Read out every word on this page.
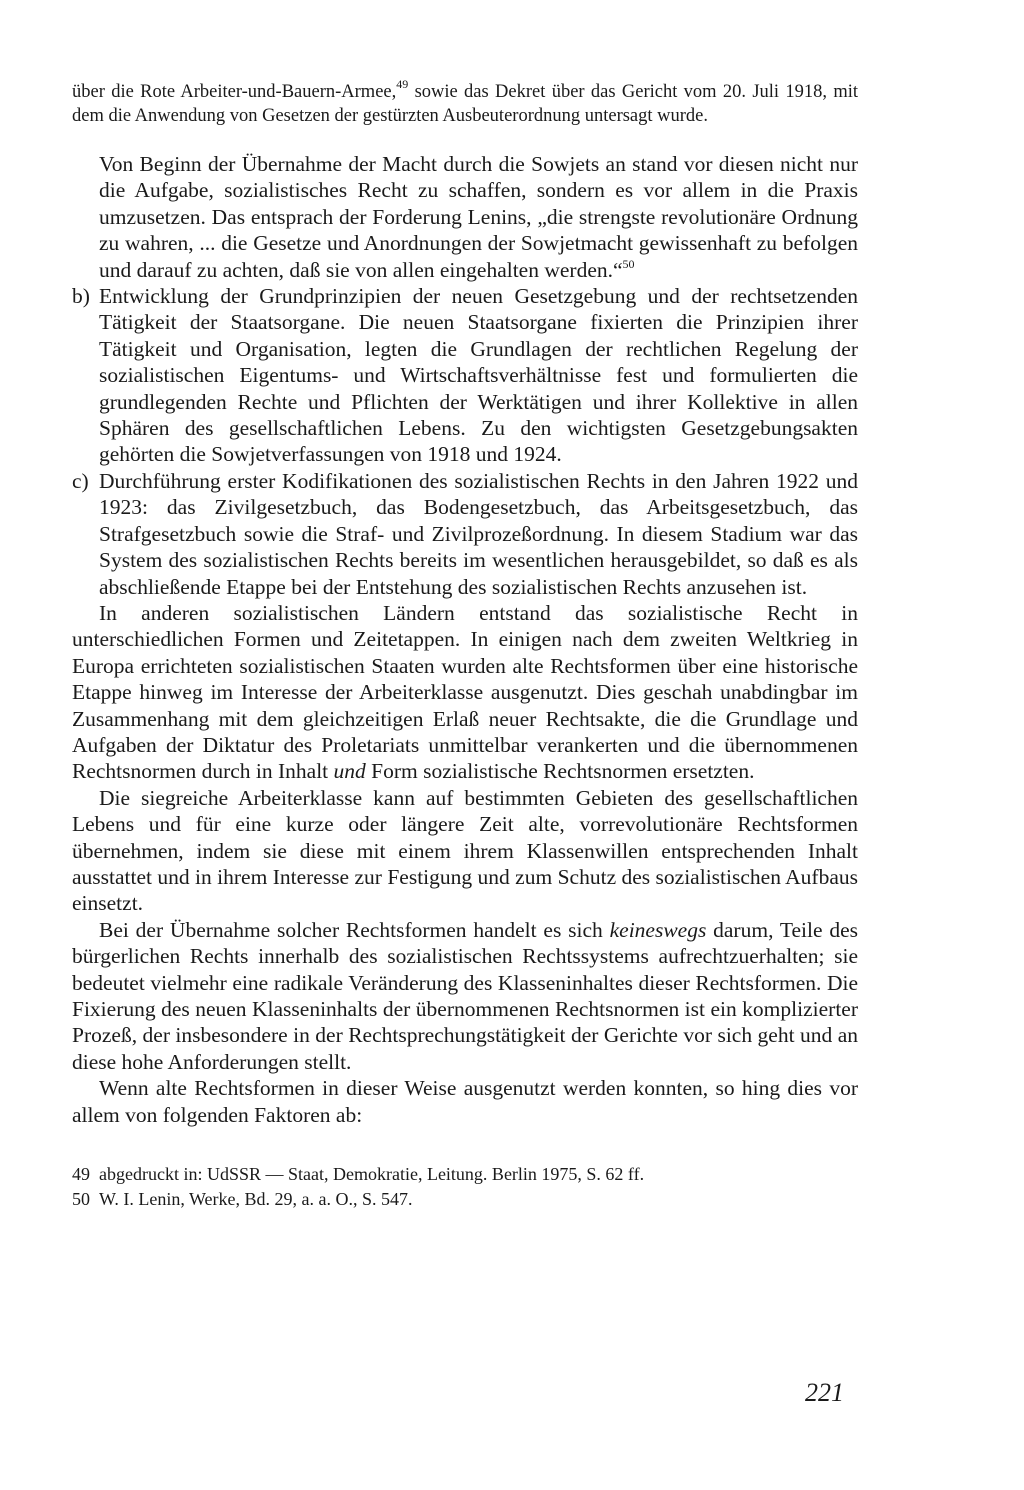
über die Rote Arbeiter-und-Bauern-Armee,$^{49}$ sowie das Dekret über das Gericht vom 20. Juli 1918, mit dem die Anwendung von Gesetzen der gestürzten Ausbeuterordnung untersagt wurde.

Von Beginn der Übernahme der Macht durch die Sowjets an stand vor diesen nicht nur die Aufgabe, sozialistisches Recht zu schaffen, sondern es vor allem in die Praxis umzusetzen. Das entsprach der Forderung Lenins, „die strengste revolutionäre Ordnung zu wahren, ... die Gesetze und Anordnungen der Sowjetmacht gewissenhaft zu befolgen und darauf zu achten, daß sie von allen eingehalten werden.“$^{50}$

b) Entwicklung der Grundprinzipien der neuen Gesetzgebung und der rechtsetzenden Tätigkeit der Staatsorgane. Die neuen Staatsorgane fixierten die Prinzipien ihrer Tätigkeit und Organisation, legten die Grundlagen der rechtlichen Regelung der sozialistischen Eigentums- und Wirtschaftsverhältnisse fest und formulierten die grundlegenden Rechte und Pflichten der Werktätigen und ihrer Kollektive in allen Sphären des gesellschaftlichen Lebens. Zu den wichtigsten Gesetzgebungsakten gehörten die Sowjetverfassungen von 1918 und 1924.
c) Durchführung erster Kodifikationen des sozialistischen Rechts in den Jahren 1922 und 1923: das Zivilgesetzbuch, das Bodengesetzbuch, das Arbeitsgesetzbuch, das Strafgesetzbuch sowie die Straf- und Zivilprozeßordnung. In diesem Stadium war das System des sozialistischen Rechts bereits im wesentlichen herausgebildet, so daß es als abschließende Etappe bei der Entstehung des sozialistischen Rechts anzusehen ist.

In anderen sozialistischen Ländern entstand das sozialistische Recht in unterschiedlichen Formen und Zeitetappen. In einigen nach dem zweiten Weltkrieg in Europa errichteten sozialistischen Staaten wurden alte Rechtsformen über eine historische Etappe hinweg im Interesse der Arbeiterklasse ausgenutzt. Dies geschah unabdingbar im Zusammenhang mit dem gleichzeitigen Erlaß neuer Rechtsakte, die die Grundlage und Aufgaben der Diktatur des Proletariats unmittelbar verankerten und die übernommenen Rechtsnormen durch in Inhalt und Form sozialistische Rechtsnormen ersetzten.

Die siegreiche Arbeiterklasse kann auf bestimmten Gebieten des gesellschaftlichen Lebens und für eine kurze oder längere Zeit alte, vorrevolutionäre Rechtsformen übernehmen, indem sie diese mit einem ihrem Klassenwillen entsprechenden Inhalt ausstattet und in ihrem Interesse zur Festigung und zum Schutz des sozialistischen Aufbaus einsetzt.

Bei der Übernahme solcher Rechtsformen handelt es sich keineswegs darum, Teile des bürgerlichen Rechts innerhalb des sozialistischen Rechtssystems aufrechtzuerhalten; sie bedeutet vielmehr eine radikale Veränderung des Klasseninhaltes dieser Rechtsformen. Die Fixierung des neuen Klasseninhalts der übernommenen Rechtsnormen ist ein komplizierter Prozeß, der insbesondere in der Rechtsprechungstätigkeit der Gerichte vor sich geht und an diese hohe Anforderungen stellt.

Wenn alte Rechtsformen in dieser Weise ausgenutzt werden konnten, so hing dies vor allem von folgenden Faktoren ab:

49 abgedruckt in: UdSSR — Staat, Demokratie, Leitung. Berlin 1975, S. 62 ff.
50 W. I. Lenin, Werke, Bd. 29, a. a. O., S. 547.
221
